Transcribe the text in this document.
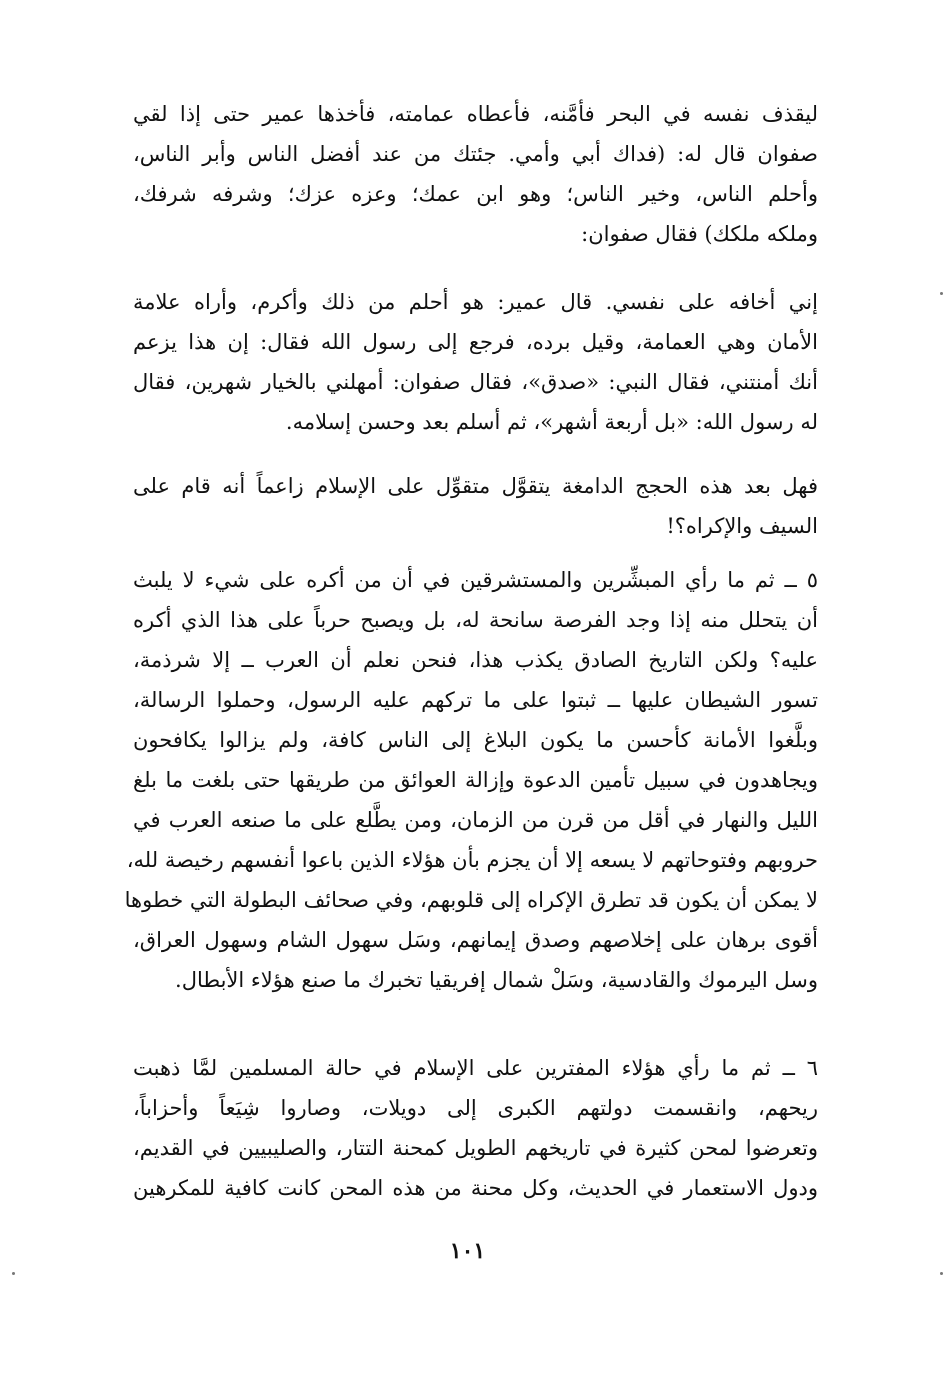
ليقذف نفسه في البحر فأمَّنه، فأعطاه عمامته، فأخذها عمير حتى إذا لقي
صفوان قال له: (فداك أبي وأمي. جئتك من عند أفضل الناس وأبر الناس،
وأحلم الناس، وخير الناس؛ وهو ابن عمك؛ وعزه عزك؛ وشرفه شرفك،
وملكه ملكك) فقال صفوان:
إني أخافه على نفسي. قال عمير: هو أحلم من ذلك وأكرم، وأراه علامة
الأمان وهي العمامة، وقيل برده، فرجع إلى رسول الله فقال: إن هذا يزعم
أنك أمنتني، فقال النبي: «صدق»، فقال صفوان: أمهلني بالخيار شهرين، فقال
له رسول الله: «بل أربعة أشهر»، ثم أسلم بعد وحسن إسلامه.
فهل بعد هذه الحجج الدامغة يتقوَّل متقوِّل على الإسلام زاعماً أنه قام على
السيف والإكراه؟!
٥ ــ ثم ما رأي المبشِّرين والمستشرقين في أن من أكره على شيء لا يلبث
أن يتحلل منه إذا وجد الفرصة سانحة له، بل ويصبح حرباً على هذا الذي أكره
عليه؟ ولكن التاريخ الصادق يكذب هذا، فنحن نعلم أن العرب ــ إلا شرذمة،
تسور الشيطان عليها ــ ثبتوا على ما تركهم عليه الرسول، وحملوا الرسالة،
وبلَّغوا الأمانة كأحسن ما يكون البلاغ إلى الناس كافة، ولم يزالوا يكافحون
ويجاهدون في سبيل تأمين الدعوة وإزالة العوائق من طريقها حتى بلغت ما بلغ
الليل والنهار في أقل من قرن من الزمان، ومن يطَّلع على ما صنعه العرب في
حروبهم وفتوحاتهم لا يسعه إلا أن يجزم بأن هؤلاء الذين باعوا أنفسهم رخيصة لله،
لا يمكن أن يكون قد تطرق الإكراه إلى قلوبهم، وفي صحائف البطولة التي خطوها
أقوى برهان على إخلاصهم وصدق إيمانهم، وسَل سهول الشام وسهول العراق،
وسل اليرموك والقادسية، وسَلْ شمال إفريقيا تخبرك ما صنع هؤلاء الأبطال.
٦ ــ ثم ما رأي هؤلاء المفترين على الإسلام في حالة المسلمين لمَّا ذهبت
ريحهم، وانقسمت دولتهم الكبرى إلى دويلات، وصاروا شِيَعاً وأحزاباً،
وتعرضوا لمحن كثيرة في تاريخهم الطويل كمحنة التتار، والصليبيين في القديم،
ودول الاستعمار في الحديث، وكل محنة من هذه المحن كانت كافية للمكرهين
١٠١
